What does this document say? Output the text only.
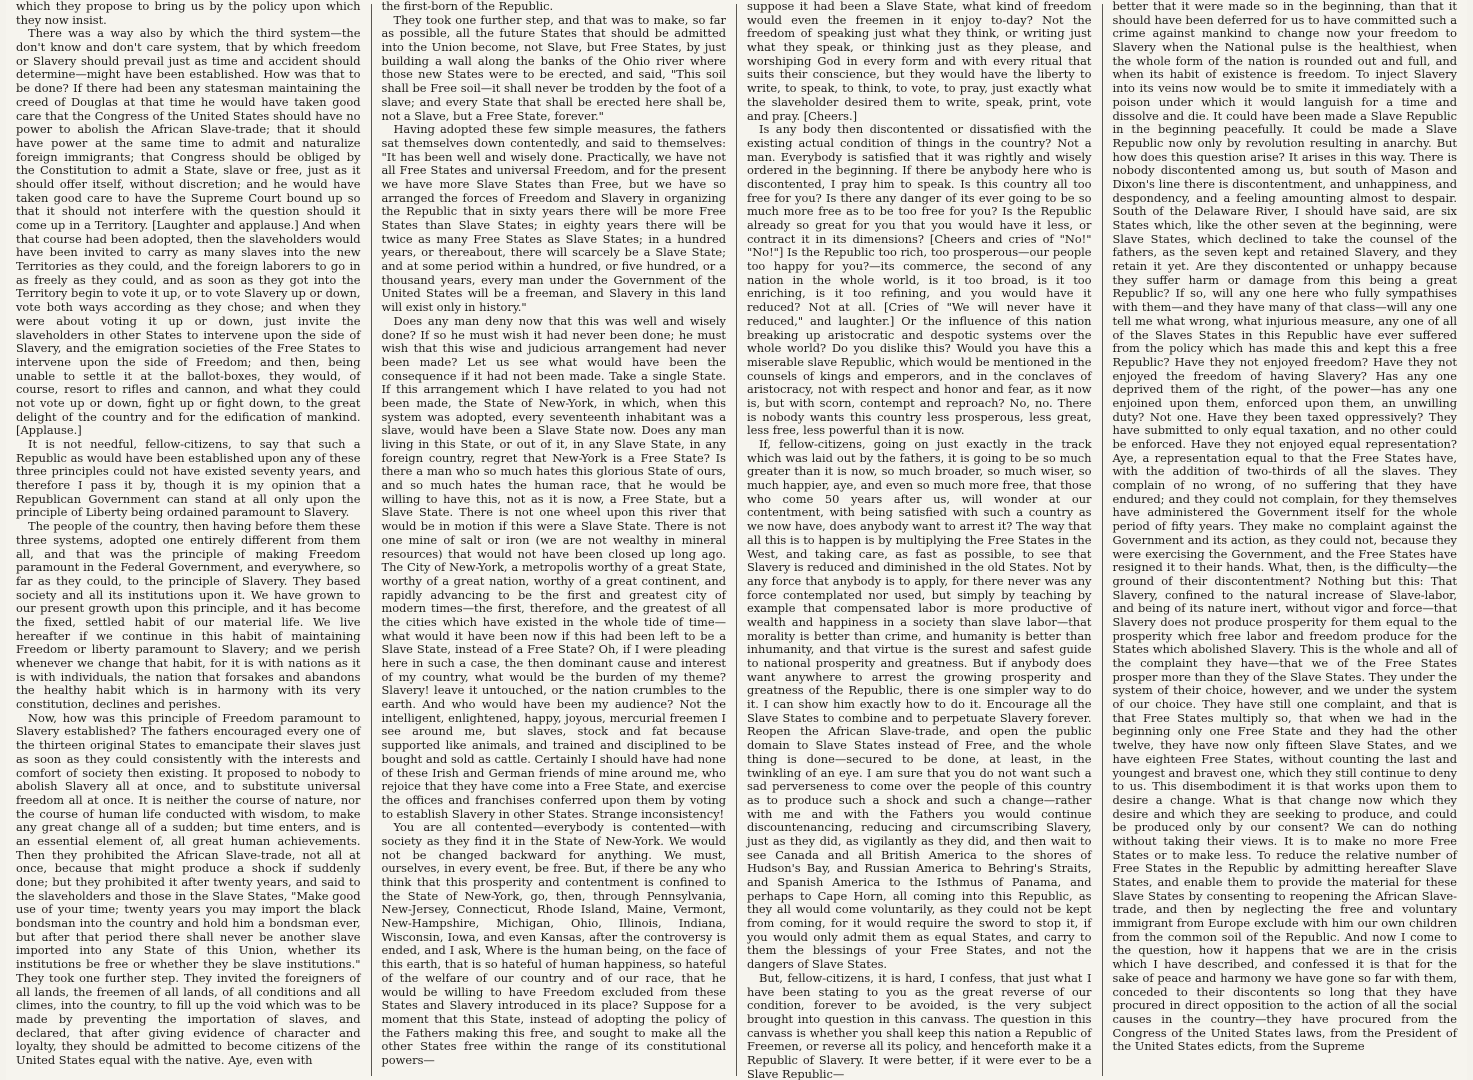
which they propose to bring us by the policy upon which they now insist.

There was a way also by which the third system—the don't know and don't care system, that by which freedom or Slavery should prevail just as time and accident should determine—might have been established. How was that to be done? If there had been any statesman maintaining the creed of Douglas at that time he would have taken good care that the Congress of the United States should have no power to abolish the African Slave-trade; that it should have power at the same time to admit and naturalize foreign immigrants; that Congress should be obliged by the Constitution to admit a State, slave or free, just as it should offer itself, without discretion; and he would have taken good care to have the Supreme Court bound up so that it should not interfere with the question should it come up in a Territory. [Laughter and applause.] And when that course had been adopted, then the slaveholders would have been invited to carry as many slaves into the new Territories as they could, and the foreign laborers to go in as freely as they could, and as soon as they got into the Territory begin to vote it up, or to vote Slavery up or down, vote both ways according as they chose; and when they were about voting it up or down, just invite the slaveholders in other States to intervene upon the side of Slavery, and the emigration societies of the Free States to intervene upon the side of Freedom; and then, being unable to settle it at the ballot-boxes, they would, of course, resort to rifles and cannon, and what they could not vote up or down, fight up or fight down, to the great delight of the country and for the edification of mankind. [Applause.]

It is not needful, fellow-citizens, to say that such a Republic as would have been established upon any of these three principles could not have existed seventy years, and therefore I pass it by, though it is my opinion that a Republican Government can stand at all only upon the principle of Liberty being ordained paramount to Slavery.

The people of the country, then having before them these three systems, adopted one entirely different from them all, and that was the principle of making Freedom paramount in the Federal Government, and everywhere, so far as they could, to the principle of Slavery. They based society and all its institutions upon it. We have grown to our present growth upon this principle, and it has become the fixed, settled habit of our material life. We live hereafter if we continue in this habit of maintaining Freedom or liberty paramount to Slavery; and we perish whenever we change that habit, for it is with nations as it is with individuals, the nation that forsakes and abandons the healthy habit which is in harmony with its very constitution, declines and perishes.

Now, how was this principle of Freedom paramount to Slavery established? The fathers encouraged every one of the thirteen original States to emancipate their slaves just as soon as they could consistently with the interests and comfort of society then existing. It proposed to nobody to abolish Slavery all at once, and to substitute universal freedom all at once. It is neither the course of nature, nor the course of human life conducted with wisdom, to make any great change all of a sudden; but time enters, and is an essential element of, all great human achievements. Then they prohibited the African Slave-trade, not all at once, because that might produce a shock if suddenly done; but they prohibited it after twenty years, and said to the slaveholders and those in the Slave States, "Make good use of your time; twenty years you may import the black bondsman into the country and hold him a bondsman ever, but after that period there shall never be another slave imported into any State of this Union, whether its institutions be free or whether they be slave institutions." They took one further step. They invited the foreigners of all lands, the freemen of all lands, of all conditions and all climes, into the country, to fill up the void which was to be made by preventing the importation of slaves, and declared, that after giving evidence of character and loyalty, they should be admitted to become citizens of the United States equal with the native. Aye, even with

the first-born of the Republic.

They took one further step, and that was to make, so far as possible, all the future States that should be admitted into the Union become, not Slave, but Free States, by just building a wall along the banks of the Ohio river where those new States were to be erected, and said, "This soil shall be Free soil—it shall never be trodden by the foot of a slave; and every State that shall be erected here shall be, not a Slave, but a Free State, forever."

Having adopted these few simple measures, the fathers sat themselves down contentedly, and said to themselves: "It has been well and wisely done. Practically, we have not all Free States and universal Freedom, and for the present we have more Slave States than Free, but we have so arranged the forces of Freedom and Slavery in organizing the Republic that in sixty years there will be more Free States than Slave States; in eighty years there will be twice as many Free States as Slave States; in a hundred years, or thereabout, there will scarcely be a Slave State; and at some period within a hundred, or five hundred, or a thousand years, every man under the Government of the United States will be a freeman, and Slavery in this land will exist only in history."

Does any man deny now that this was well and wisely done? If so he must wish it had never been done; he must wish that this wise and judicious arrangement had never been made? Let us see what would have been the consequence if it had not been made. Take a single State. If this arrangement which I have related to you had not been made, the State of New-York, in which, when this system was adopted, every seventeenth inhabitant was a slave, would have been a Slave State now. Does any man living in this State, or out of it, in any Slave State, in any foreign country, regret that New-York is a Free State? Is there a man who so much hates this glorious State of ours, and so much hates the human race, that he would be willing to have this, not as it is now, a Free State, but a Slave State. There is not one wheel upon this river that would be in motion if this were a Slave State. There is not one mine of salt or iron (we are not wealthy in mineral resources) that would not have been closed up long ago. The City of New-York, a metropolis worthy of a great State, worthy of a great nation, worthy of a great continent, and rapidly advancing to be the first and greatest city of modern times—the first, therefore, and the greatest of all the cities which have existed in the whole tide of time—what would it have been now if this had been left to be a Slave State, instead of a Free State? Oh, if I were pleading here in such a case, the then dominant cause and interest of my country, what would be the burden of my theme? Slavery! leave it untouched, or the nation crumbles to the earth. And who would have been my audience? Not the intelligent, enlightened, happy, joyous, mercurial freemen I see around me, but slaves, stock and fat because supported like animals, and trained and disciplined to be bought and sold as cattle. Certainly I should have had none of these Irish and German friends of mine around me, who rejoice that they have come into a Free State, and exercise the offices and franchises conferred upon them by voting to establish Slavery in other States. Strange inconsistency!

You are all contented—everybody is contented—with society as they find it in the State of New-York. We would not be changed backward for anything. We must, ourselves, in every event, be free. But, if there be any who think that this prosperity and contentment is confined to the State of New-York, go, then, through Pennsylvania, New-Jersey, Connecticut, Rhode Island, Maine, Vermont, New-Hampshire, Michigan, Ohio, Illinois, Indiana, Wisconsin, Iowa, and even Kansas, after the controversy is ended, and I ask, Where is the human being, on the face of this earth, that is so hateful of human happiness, so hateful of the welfare of our country and of our race, that he would be willing to have Freedom excluded from these States and Slavery introduced in its place? Suppose for a moment that this State, instead of adopting the policy of the Fathers making this free, and sought to make all the other States free within the range of its constitutional powers—

suppose it had been a Slave State, what kind of freedom would even the freemen in it enjoy to-day? Not the freedom of speaking just what they think, or writing just what they speak, or thinking just as they please, and worshiping God in every form and with every ritual that suits their conscience, but they would have the liberty to write, to speak, to think, to vote, to pray, just exactly what the slaveholder desired them to write, speak, print, vote and pray. [Cheers.]

Is any body then discontented or dissatisfied with the existing actual condition of things in the country? Not a man. Everybody is satisfied that it was rightly and wisely ordered in the beginning. If there be anybody here who is discontented, I pray him to speak. Is this country all too free for you? Is there any danger of its ever going to be so much more free as to be too free for you? Is the Republic already so great for you that you would have it less, or contract it in its dimensions? [Cheers and cries of "No!" "No!"] Is the Republic too rich, too prosperous—our people too happy for you?—its commerce, the second of any nation in the whole world, is it too broad, is it too enriching, is it too refining, and you would have it reduced? Not at all. [Cries of "We will never have it reduced," and laughter.] Or the influence of this nation breaking up aristocratic and despotic systems over the whole world? Do you dislike this? Would you have this a miserable slave Republic, which would be mentioned in the counsels of kings and emperors, and in the conclaves of aristocracy, not with respect and honor and fear, as it now is, but with scorn, contempt and reproach? No, no. There is nobody wants this country less prosperous, less great, less free, less powerful than it is now.

If, fellow-citizens, going on just exactly in the track which was laid out by the fathers, it is going to be so much greater than it is now, so much broader, so much wiser, so much happier, aye, and even so much more free, that those who come 50 years after us, will wonder at our contentment, with being satisfied with such a country as we now have, does anybody want to arrest it? The way that all this is to happen is by multiplying the Free States in the West, and taking care, as fast as possible, to see that Slavery is reduced and diminished in the old States. Not by any force that anybody is to apply, for there never was any force contemplated nor used, but simply by teaching by example that compensated labor is more productive of wealth and happiness in a society than slave labor—that morality is better than crime, and humanity is better than inhumanity, and that virtue is the surest and safest guide to national prosperity and greatness. But if anybody does want anywhere to arrest the growing prosperity and greatness of the Republic, there is one simpler way to do it. I can show him exactly how to do it. Encourage all the Slave States to combine and to perpetuate Slavery forever. Reopen the African Slave-trade, and open the public domain to Slave States instead of Free, and the whole thing is done—secured to be done, at least, in the twinkling of an eye. I am sure that you do not want such a sad perverseness to come over the people of this country as to produce such a shock and such a change—rather with me and with the Fathers you would continue discountenancing, reducing and circumscribing Slavery, just as they did, as vigilantly as they did, and then wait to see Canada and all British America to the shores of Hudson's Bay, and Russian America to Behring's Straits, and Spanish America to the Isthmus of Panama, and perhaps to Cape Horn, all coming into this Republic, as they all would come voluntarily, as they could not be kept from coming, for it would require the sword to stop it, if you would only admit them as equal States, and carry to them the blessings of your Free States, and not the dangers of Slave States.

But, fellow-citizens, it is hard, I confess, that just what I have been stating to you as the great reverse of our condition, forever to be avoided, is the very subject brought into question in this canvass. The question in this canvass is whether you shall keep this nation a Republic of Freemen, or reverse all its policy, and henceforth make it a Republic of Slavery. It were better, if it were ever to be a Slave Republic—

better that it were made so in the beginning, than that it should have been deferred for us to have committed such a crime against mankind to change now your freedom to Slavery when the National pulse is the healthiest, when the whole form of the nation is rounded out and full, and when its habit of existence is freedom. To inject Slavery into its veins now would be to smite it immediately with a poison under which it would languish for a time and dissolve and die. It could have been made a Slave Republic in the beginning peacefully. It could be made a Slave Republic now only by revolution resulting in anarchy. But how does this question arise? It arises in this way. There is nobody discontented among us, but south of Mason and Dixon's line there is discontentment, and unhappiness, and despondency, and a feeling amounting almost to despair. South of the Delaware River, I should have said, are six States which, like the other seven at the beginning, were Slave States, which declined to take the counsel of the fathers, as the seven kept and retained Slavery, and they retain it yet. Are they discontented or unhappy because they suffer harm or damage from this being a great Republic? If so, will any one here who fully sympathises with them—and they have many of that class—will any one tell me what wrong, what injurious measure, any one of all of the Slaves States in this Republic have ever suffered from the policy which has made this and kept this a free Republic? Have they not enjoyed freedom? Have they not enjoyed the freedom of having Slavery? Has any one deprived them of the right, of the power—has any one enjoined upon them, enforced upon them, an unwilling duty? Not one. Have they been taxed oppressively? They have submitted to only equal taxation, and no other could be enforced. Have they not enjoyed equal representation? Aye, a representation equal to that the Free States have, with the addition of two-thirds of all the slaves. They complain of no wrong, of no suffering that they have endured; and they could not complain, for they themselves have administered the Government itself for the whole period of fifty years. They make no complaint against the Government and its action, as they could not, because they were exercising the Government, and the Free States have resigned it to their hands. What, then, is the difficulty—the ground of their discontentment? Nothing but this: That Slavery, confined to the natural increase of Slave-labor, and being of its nature inert, without vigor and force—that Slavery does not produce prosperity for them equal to the prosperity which free labor and freedom produce for the States which abolished Slavery. This is the whole and all of the complaint they have—that we of the Free States prosper more than they of the Slave States. They under the system of their choice, however, and we under the system of our choice. They have still one complaint, and that is that Free States multiply so, that when we had in the beginning only one Free State and they had the other twelve, they have now only fifteen Slave States, and we have eighteen Free States, without counting the last and youngest and bravest one, which they still continue to deny to us. This disembodiment it is that works upon them to desire a change. What is that change now which they desire and which they are seeking to produce, and could be produced only by our consent? We can do nothing without taking their views. It is to make no more Free States or to make less. To reduce the relative number of Free States in the Republic by admitting hereafter Slave States, and enable them to provide the material for these Slave States by consenting to reopening the African Slave-trade, and then by neglecting the free and voluntary immigrant from Europe exclude with him our own children from the common soil of the Republic. And now I come to the question, how it happens that we are in the crisis which I have described, and confessed it is that for the sake of peace and harmony we have gone so far with them, conceded to their discontents so long that they have procured in direct opposition to the action of all the social causes in the country—they have procured from the Congress of the United States laws, from the President of the United States edicts, from the Supreme
